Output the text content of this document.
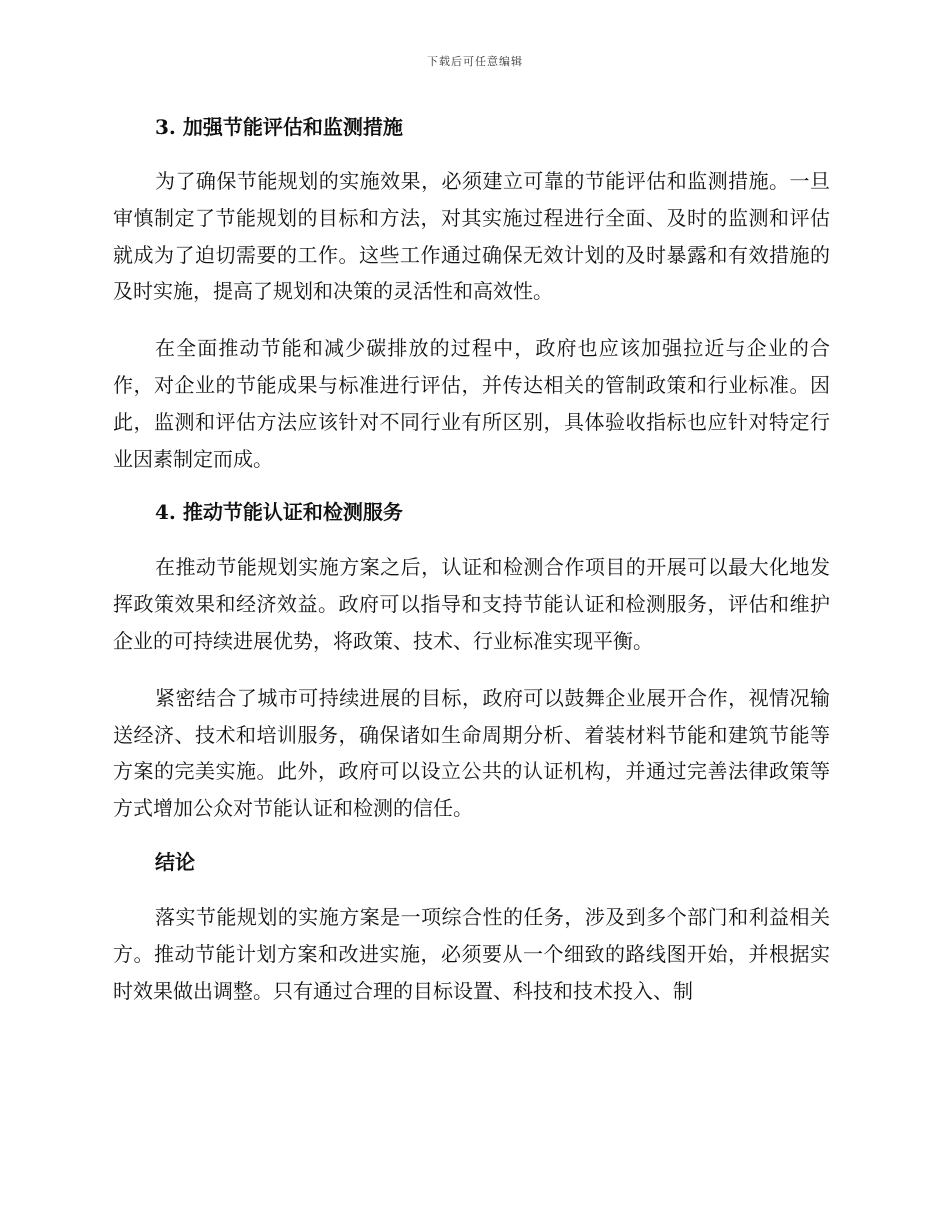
下载后可任意编辑
3. 加强节能评估和监测措施

为了确保节能规划的实施效果，必须建立可靠的节能评估和监测措施。一旦审慎制定了节能规划的目标和方法，对其实施过程进行全面、及时的监测和评估就成为了迫切需要的工作。这些工作通过确保无效计划的及时暴露和有效措施的及时实施，提高了规划和决策的灵活性和高效性。

在全面推动节能和减少碳排放的过程中，政府也应该加强拉近与企业的合作，对企业的节能成果与标准进行评估，并传达相关的管制政策和行业标准。因此，监测和评估方法应该针对不同行业有所区别，具体验收指标也应针对特定行业因素制定而成。

4. 推动节能认证和检测服务

在推动节能规划实施方案之后，认证和检测合作项目的开展可以最大化地发挥政策效果和经济效益。政府可以指导和支持节能认证和检测服务，评估和维护企业的可持续进展优势，将政策、技术、行业标准实现平衡。

紧密结合了城市可持续进展的目标，政府可以鼓舞企业展开合作，视情况输送经济、技术和培训服务，确保诸如生命周期分析、着装材料节能和建筑节能等方案的完美实施。此外，政府可以设立公共的认证机构，并通过完善法律政策等方式增加公众对节能认证和检测的信任。

结论

落实节能规划的实施方案是一项综合性的任务，涉及到多个部门和利益相关方。推动节能计划方案和改进实施，必须要从一个细致的路线图开始，并根据实时效果做出调整。只有通过合理的目标设置、科技和技术投入、制
